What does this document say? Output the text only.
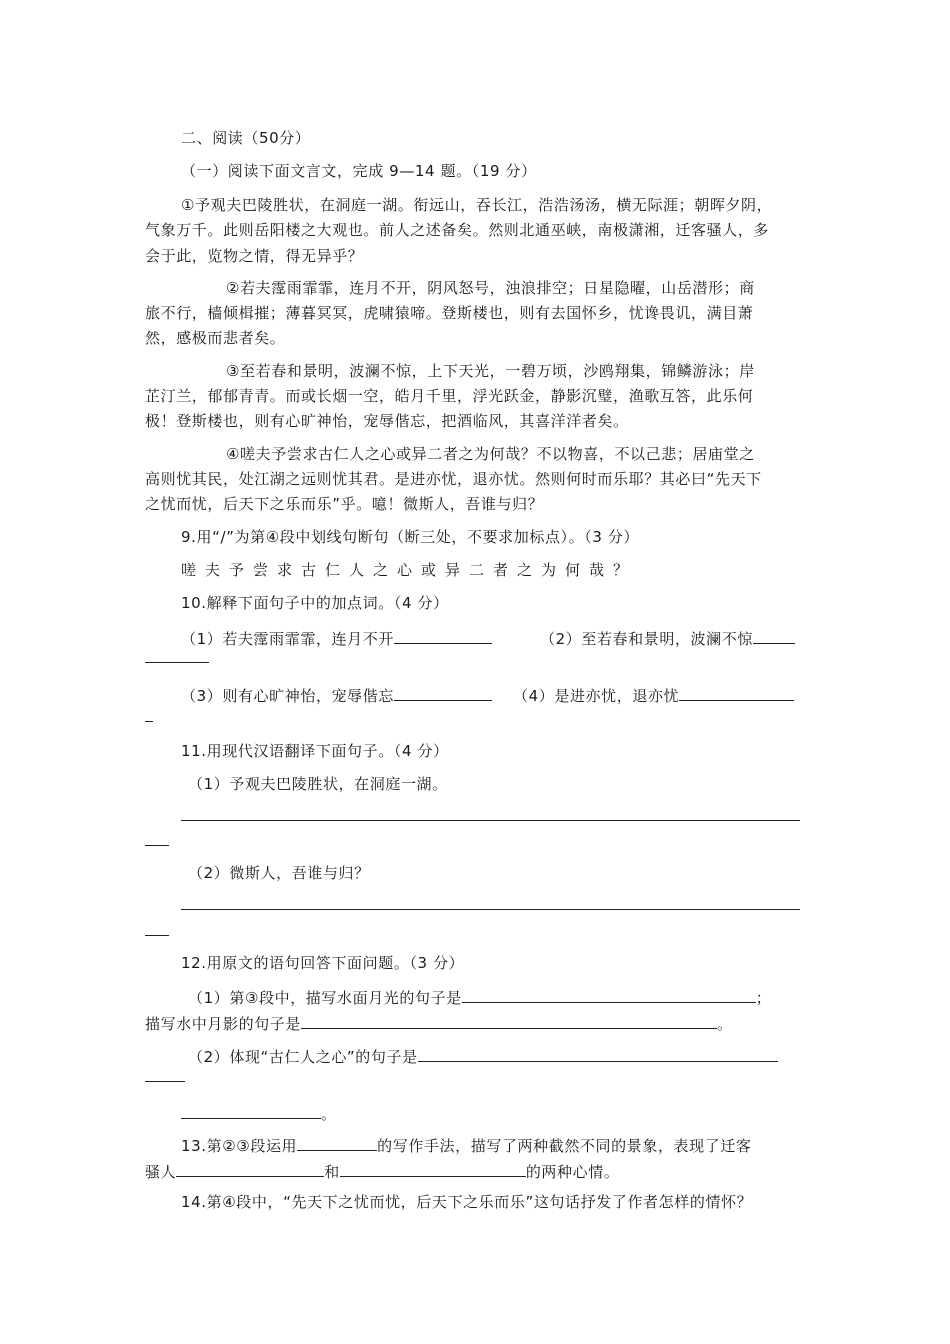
二、阅读（50分）
（一）阅读下面文言文，完成 9—14 题。（19 分）
①予观夫巴陵胜状，在洞庭一湖。衔远山，吞长江，浩浩汤汤，横无际涯；朝晖夕阴，
气象万千。此则岳阳楼之大观也。前人之述备矣。然则北通巫峡，南极潇湘，迁客骚人，多
会于此，览物之情，得无异乎？
②若夫霪雨霏霏，连月不开，阴风怒号，浊浪排空；日星隐曜，山岳潜形；商
旅不行，樯倾楫摧；薄暮冥冥，虎啸猿啼。登斯楼也，则有去国怀乡，忧谗畏讥，满目萧
然，感极而悲者矣。
③至若春和景明，波澜不惊，上下天光，一碧万顷，沙鸥翔集，锦鳞游泳；岸
芷汀兰，郁郁青青。而或长烟一空，皓月千里，浮光跃金，静影沉璧，渔歌互答，此乐何
极！登斯楼也，则有心旷神怡，宠辱偕忘，把酒临风，其喜洋洋者矣。
④嗟夫予尝求古仁人之心或异二者之为何哉？不以物喜，不以己悲；居庙堂之
高则忧其民，处江湖之远则忧其君。是进亦忧，退亦忧。然则何时而乐耶？其必曰“先天下
之忧而忧，后天下之乐而乐”乎。噫！微斯人，吾谁与归？
9.用“/”为第④段中划线句断句（断三处，不要求加标点）。（3 分）
嗟夫予尝求古仁人之心或异二者之为何哉？
10.解释下面句子中的加点词。（4 分）
（1）若夫霪雨霏霏，连月不开	（2）至若春和景明，波澜不惊
（3）则有心旷神怡，宠辱偕忘	（4）是进亦忧，退亦忧
11.用现代汉语翻译下面句子。（4 分）
（1）予观夫巴陵胜状，在洞庭一湖。
（2）微斯人，吾谁与归？
12.用原文的语句回答下面问题。（3 分）
（1）第③段中，描写水面月光的句子是	；
描写水中月影的句子是	。
（2）体现“古仁人之心”的句子是
。
13.第②③段运用	的写作手法，描写了两种截然不同的景象，表现了迁客
骚人	和	的两种心情。
14.第④段中，“先天下之忧而忧，后天下之乐而乐”这句话抒发了作者怎样的情怀？
